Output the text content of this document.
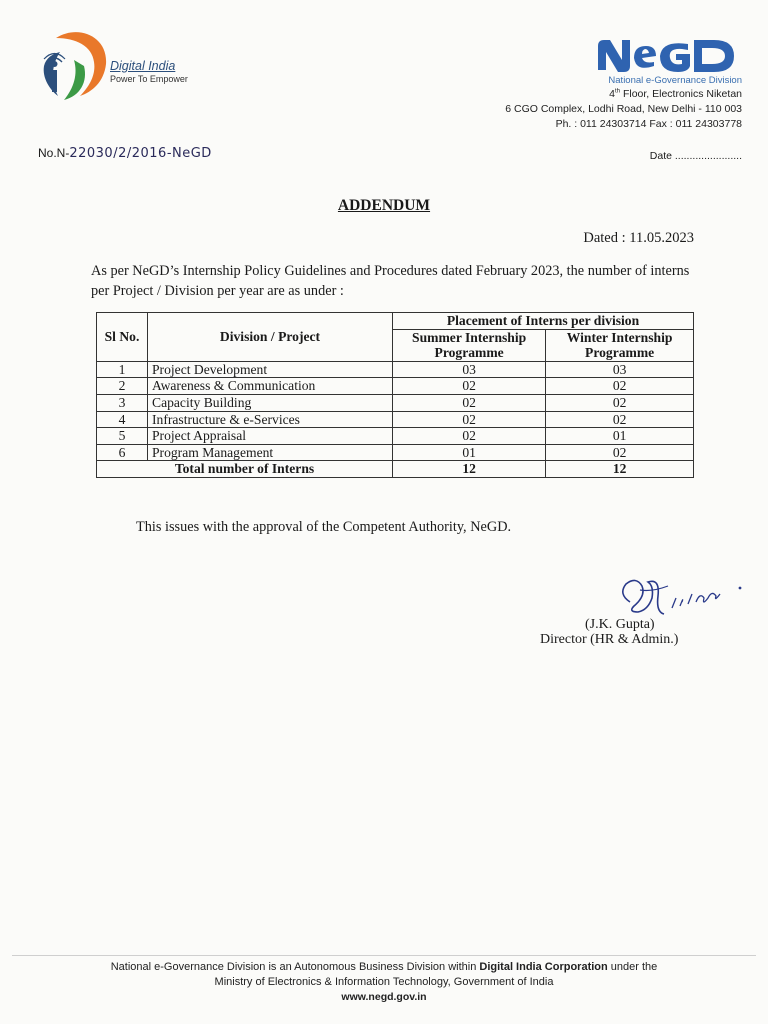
Digital India
Power To Empower	National e-Governance Division
4th Floor, Electronics Niketan
6 CGO Complex, Lodhi Road, New Delhi - 110 003
Ph. : 011 24303714 Fax : 011 24303778
No.N-22030/2/2016-NeGD	Date .......................
ADDENDUM
Dated : 11.05.2023
As per NeGD’s Internship Policy Guidelines and Procedures dated February 2023, the number of interns per Project / Division per year are as under :
Sl No.	Division / Project	Placement of Interns per division	
		Summer Internship Programme	Winter Internship Programme
1	Project Development	03	03
2	Awareness & Communication	02	02
3	Capacity Building	02	02
4	Infrastructure & e-Services	02	02
5	Project Appraisal	02	01
6	Program Management	01	02
Total number of Interns		12	12
This issues with the approval of the Competent Authority, NeGD.
(J.K. Gupta)
Director (HR & Admin.)
National e-Governance Division is an Autonomous Business Division within Digital India Corporation under the
Ministry of Electronics & Information Technology, Government of India
www.negd.gov.in
